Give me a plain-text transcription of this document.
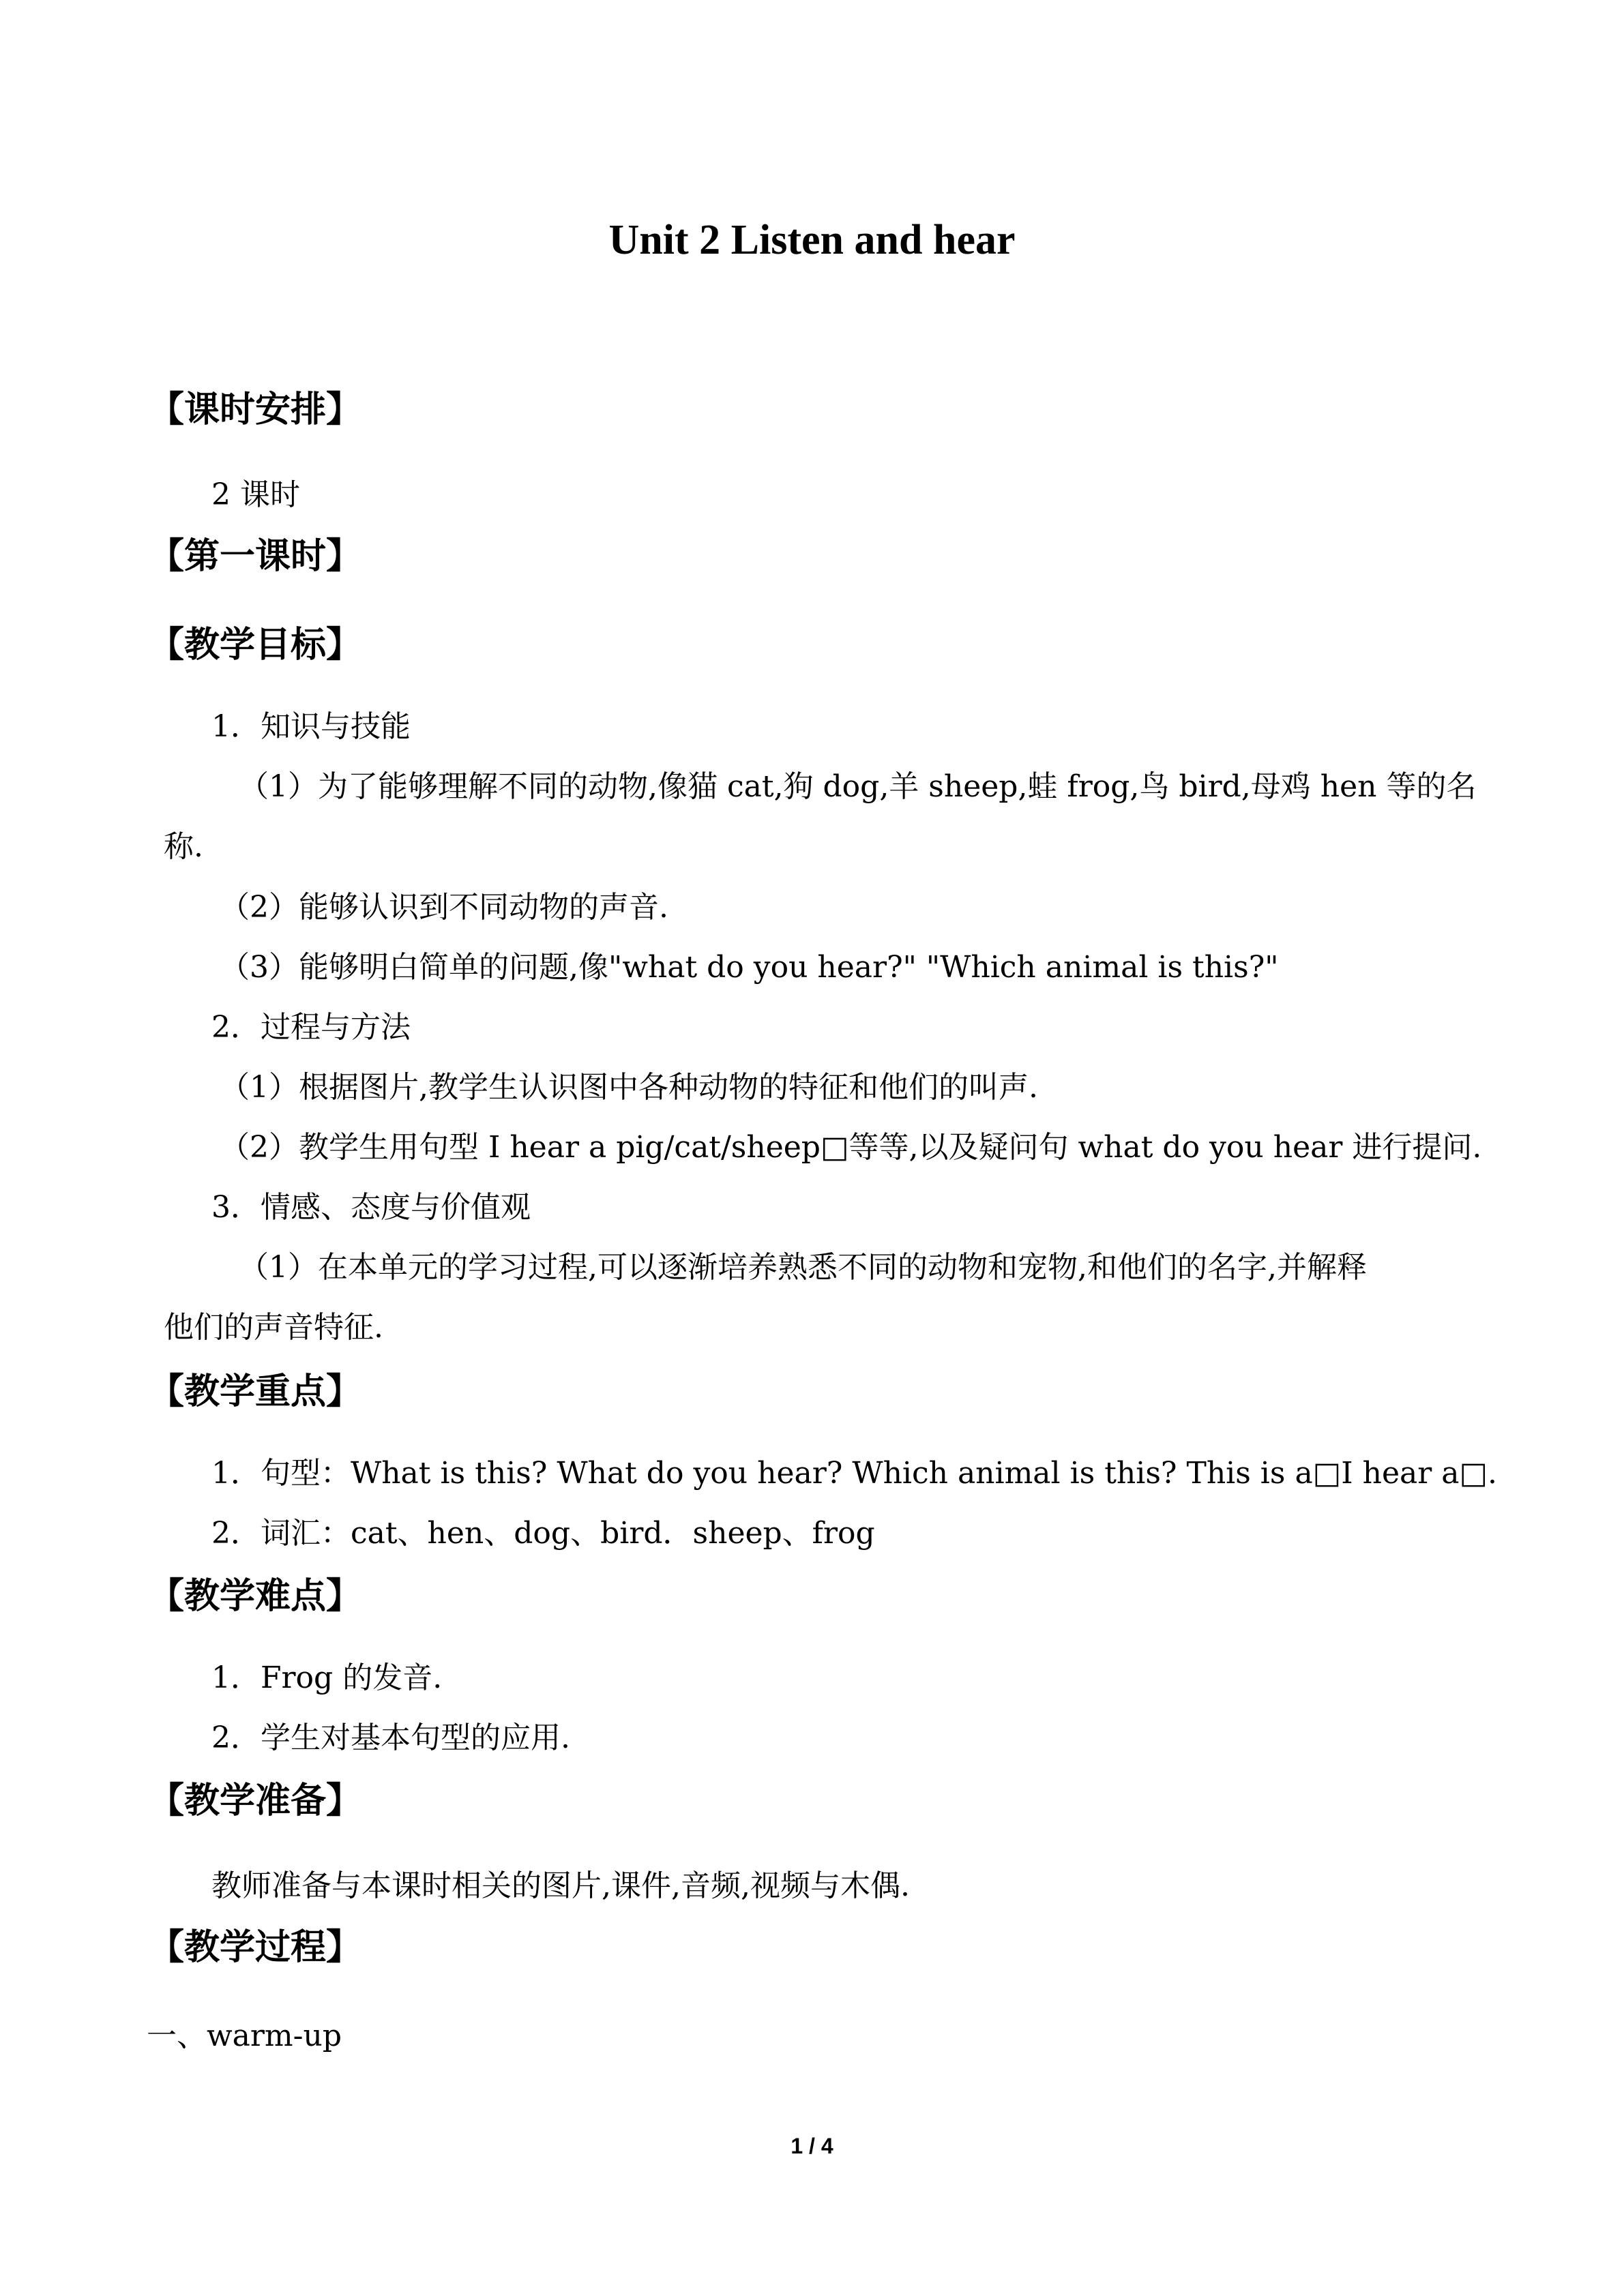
Unit 2 Listen and hear
【课时安排】
2 课时
【第一课时】
【教学目标】
1．知识与技能
（1）为了能够理解不同的动物,像猫 cat,狗 dog,羊 sheep,蛙 frog,鸟 bird,母鸡 hen 等的名
称.
（2）能够认识到不同动物的声音.
（3）能够明白简单的问题,像"what do you hear?" "Which animal is this?"
2．过程与方法
（1）根据图片,教学生认识图中各种动物的特征和他们的叫声.
（2）教学生用句型 I hear a pig/cat/sheep□等等,以及疑问句 what do you hear 进行提问.
3．情感、态度与价值观
（1）在本单元的学习过程,可以逐渐培养熟悉不同的动物和宠物,和他们的名字,并解释
他们的声音特征.
【教学重点】
1．句型：What is this? What do you hear? Which animal is this? This is a□I hear a□.
2．词汇：cat、hen、dog、bird．sheep、frog
【教学难点】
1．Frog 的发音.
2．学生对基本句型的应用.
【教学准备】
教师准备与本课时相关的图片,课件,音频,视频与木偶.
【教学过程】
一、warm-up
1 / 4
